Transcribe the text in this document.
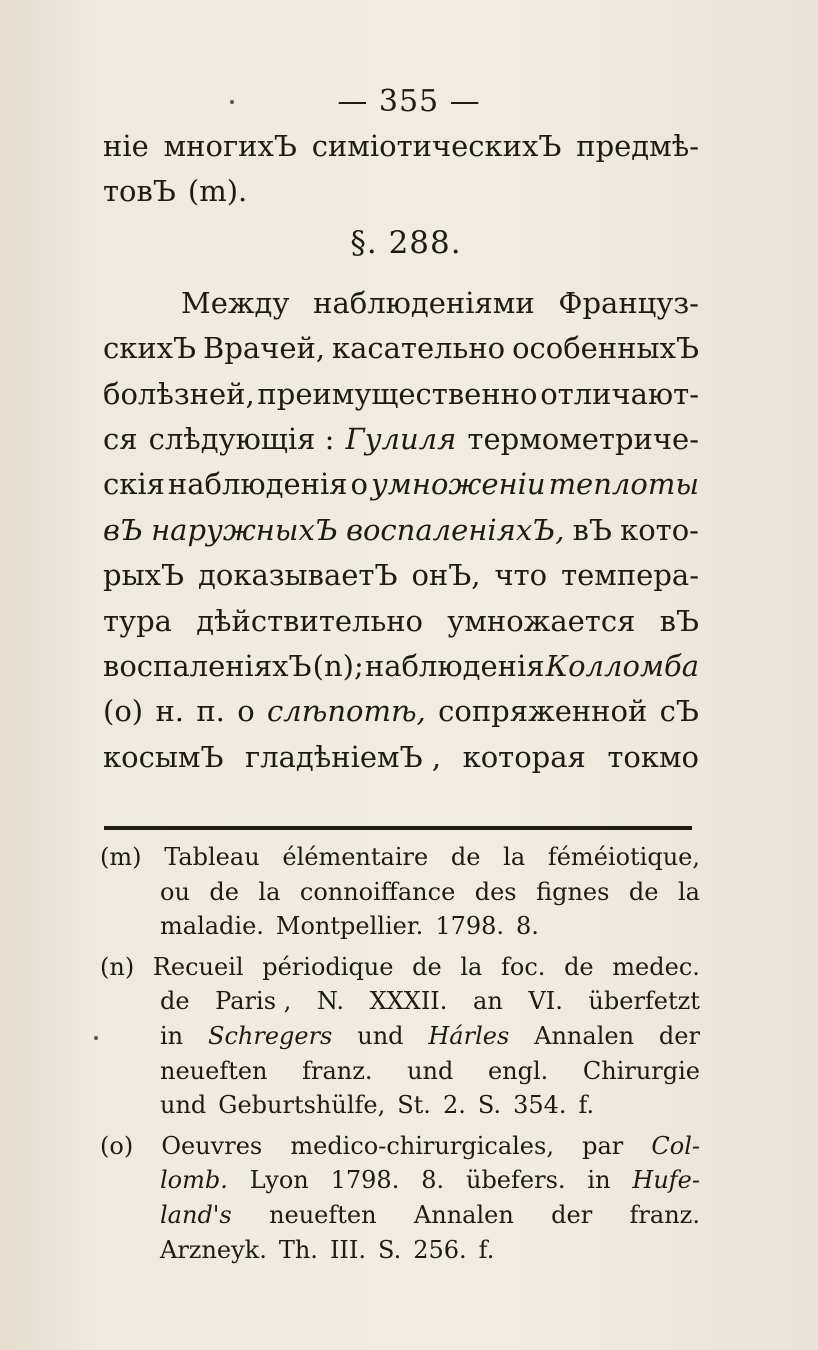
— 355 —
ніе многихЪ симіотическихЪ предмѣ-
товЪ (m).
§. 288.
Между наблюденіями Француз-
скихЪ Врачей, касательно особенныхЪ
болѣзней, преимущественно отличают-
ся слѣдующія : Гулиля термометриче-
скія наблюденія о умноженіи теплоты
вЪ наружныхЪ воспаленіяхЪ, вЪ кото-
рыхЪ доказываетЪ онЪ, что темпера-
тура дѣйствительно умножается вЪ
воспаленіяхЪ (n); наблюденія Колломба
(o) н. п. о слѣпотѣ, сопряженной сЪ
косымЪ гладѣніемЪ , которая токмо
(m) Tableau élémentaire de la féméiotique,
ou de la connoiffance des fignes de la
maladie. Montpellier. 1798. 8.
(n) Recueil périodique de la foc. de medec.
de Paris , N. XXXII. an VI. überfetzt
in Schregers und Hárles Annalen der
neueften franz. und engl. Chirurgie
und Geburtshülfe, St. 2. S. 354. f.
(o) Oeuvres medico-chirurgicales, par Col-
lomb. Lyon 1798. 8. übefers. in Hufe-
land's neueften Annalen der franz.
Arzneyk. Th. III. S. 256. f.
